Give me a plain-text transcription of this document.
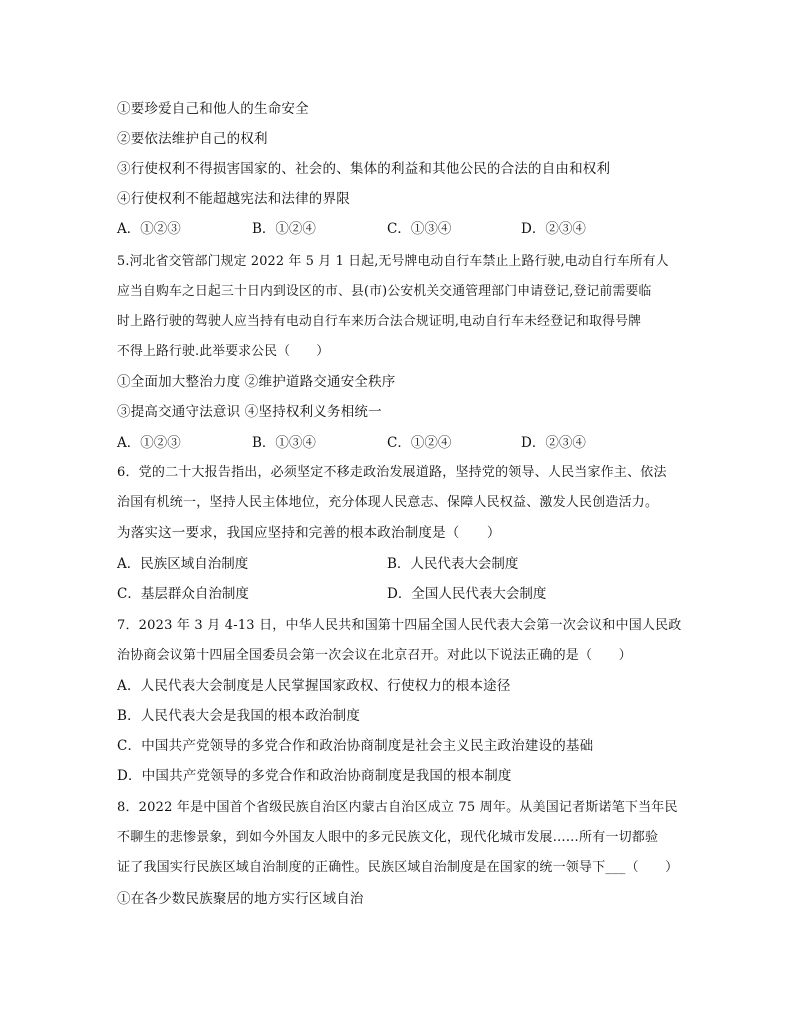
①要珍爱自己和他人的生命安全
②要依法维护自己的权利
③行使权利不得损害国家的、社会的、集体的利益和其他公民的合法的自由和权利
④行使权利不能超越宪法和法律的界限
A．①②③	B．①②④	C．①③④	D．②③④
5.河北省交管部门规定 2022 年 5 月 1 日起,无号牌电动自行车禁止上路行驶,电动自行车所有人
应当自购车之日起三十日内到设区的市、县(市)公安机关交通管理部门申请登记,登记前需要临
时上路行驶的驾驶人应当持有电动自行车来历合法合规证明,电动自行车未经登记和取得号牌
不得上路行驶.此举要求公民（　　）
①全面加大整治力度 ②维护道路交通安全秩序
③提高交通守法意识 ④坚持权利义务相统一
A．①②③	B．①③④	C．①②④	D．②③④
6．党的二十大报告指出，必须坚定不移走政治发展道路，坚持党的领导、人民当家作主、依法
治国有机统一，坚持人民主体地位，充分体现人民意志、保障人民权益、激发人民创造活力。
为落实这一要求，我国应坚持和完善的根本政治制度是（　　）
A．民族区域自治制度	B．人民代表大会制度
C．基层群众自治制度	D．全国人民代表大会制度
7．2023 年 3 月 4-13 日，中华人民共和国第十四届全国人民代表大会第一次会议和中国人民政
治协商会议第十四届全国委员会第一次会议在北京召开。对此以下说法正确的是（　　）
A．人民代表大会制度是人民掌握国家政权、行使权力的根本途径
B．人民代表大会是我国的根本政治制度
C．中国共产党领导的多党合作和政治协商制度是社会主义民主政治建设的基础
D．中国共产党领导的多党合作和政治协商制度是我国的根本制度
8．2022 年是中国首个省级民族自治区内蒙古自治区成立 75 周年。从美国记者斯诺笔下当年民
不聊生的悲惨景象，到如今外国友人眼中的多元民族文化，现代化城市发展……所有一切都验
证了我国实行民族区域自治制度的正确性。民族区域自治制度是在国家的统一领导下___（　　）
①在各少数民族聚居的地方实行区域自治
